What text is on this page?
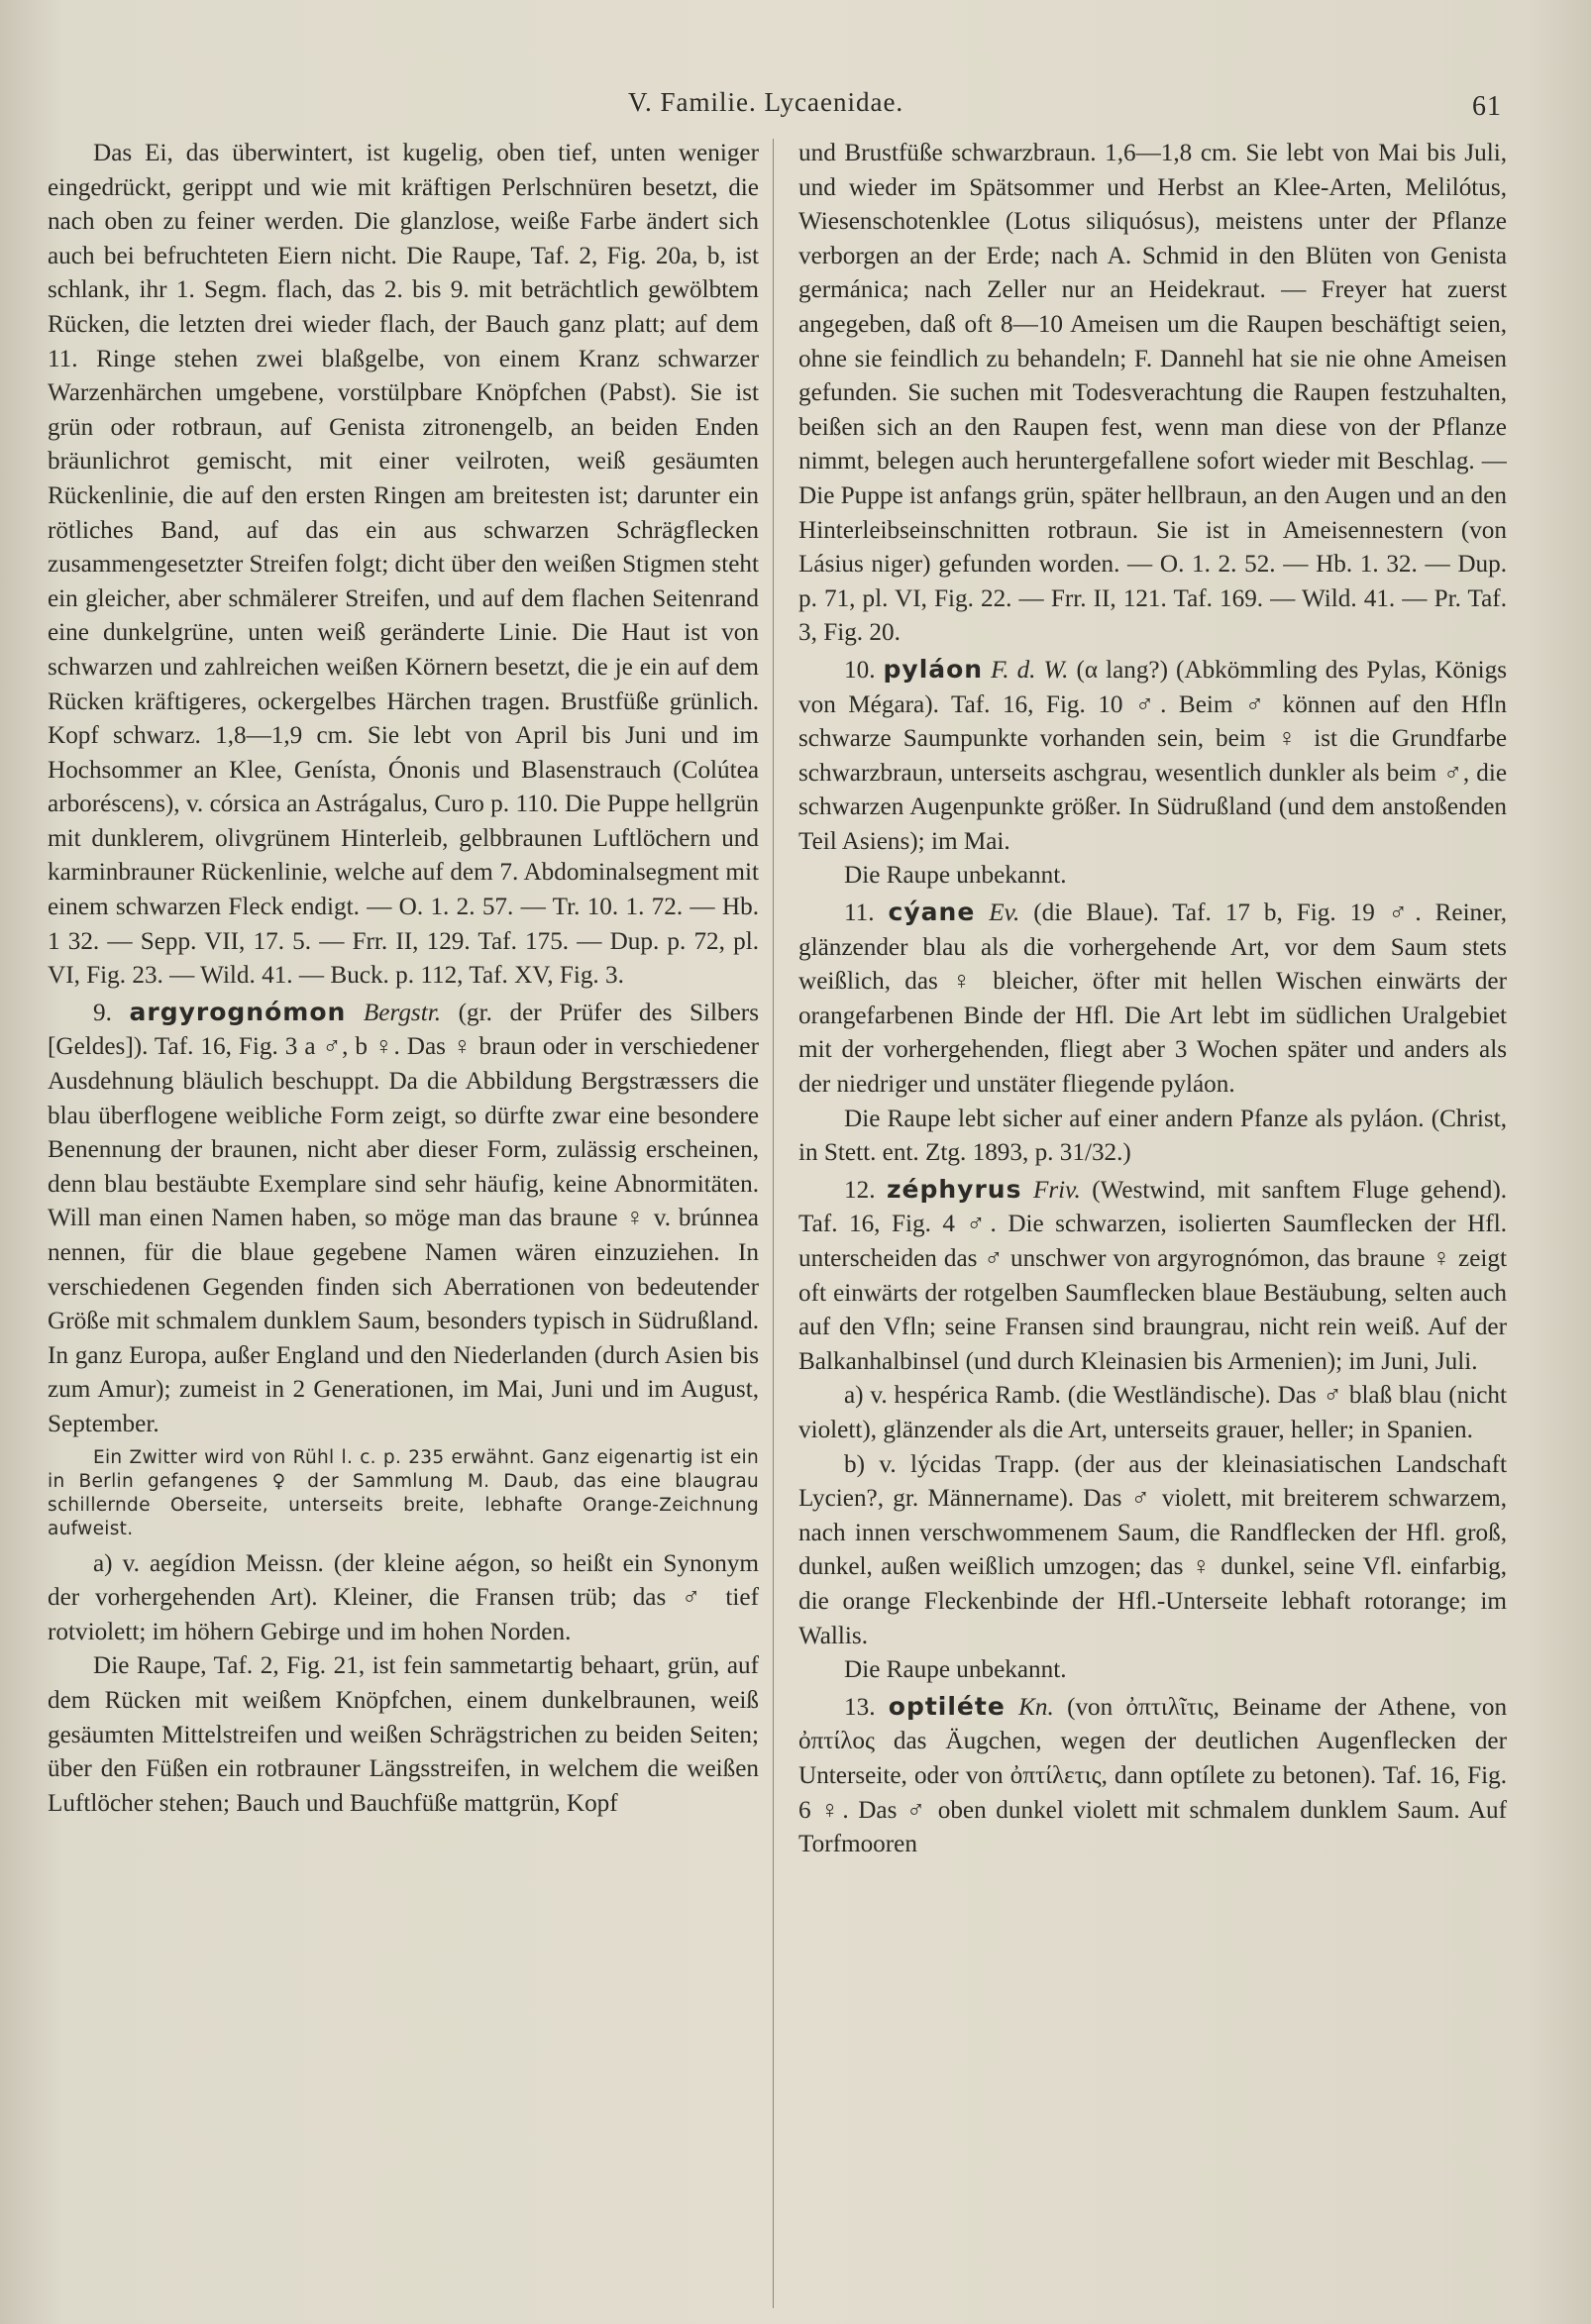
V. Familie. Lycaenidae.	61

Das Ei, das überwintert, ist kugelig, oben tief, unten weniger eingedrückt, gerippt und wie mit kräftigen Perlschnüren besetzt, die nach oben zu feiner werden. Die glanzlose, weiße Farbe ändert sich auch bei befruchteten Eiern nicht. Die Raupe, Taf. 2, Fig. 20a, b, ist schlank, ihr 1. Segm. flach, das 2. bis 9. mit beträchtlich gewölbtem Rücken, die letzten drei wieder flach, der Bauch ganz platt; auf dem 11. Ringe stehen zwei blaßgelbe, von einem Kranz schwarzer Warzenhärchen umgebene, vorstülpbare Knöpfchen (Pabst). Sie ist grün oder rotbraun, auf Genista zitronengelb, an beiden Enden bräunlichrot gemischt, mit einer veilroten, weiß gesäumten Rückenlinie, die auf den ersten Ringen am breitesten ist; darunter ein rötliches Band, auf das ein aus schwarzen Schrägflecken zusammengesetzter Streifen folgt; dicht über den weißen Stigmen steht ein gleicher, aber schmälerer Streifen, und auf dem flachen Seitenrand eine dunkelgrüne, unten weiß geränderte Linie. Die Haut ist von schwarzen und zahlreichen weißen Körnern besetzt, die je ein auf dem Rücken kräftigeres, ockergelbes Härchen tragen. Brustfüße grünlich. Kopf schwarz. 1,8—1,9 cm. Sie lebt von April bis Juni und im Hochsommer an Klee, Genísta, Ónonis und Blasenstrauch (Colútea arboréscens), v. córsica an Astrágalus, Curo p. 110. Die Puppe hellgrün mit dunklerem, olivgrünem Hinterleib, gelbbraunen Luftlöchern und karminbrauner Rückenlinie, welche auf dem 7. Abdominalsegment mit einem schwarzen Fleck endigt. — O. 1. 2. 57. — Tr. 10. 1. 72. — Hb. 1 32. — Sepp. VII, 17. 5. — Frr. II, 129. Taf. 175. — Dup. p. 72, pl. VI, Fig. 23. — Wild. 41. — Buck. p. 112, Taf. XV, Fig. 3.

9. argyrognómon Bergstr. (gr. der Prüfer des Silbers [Geldes]). Taf. 16, Fig. 3 a ♂, b ♀. Das ♀ braun oder in verschiedener Ausdehnung bläulich beschuppt. Da die Abbildung Bergstræssers die blau überflogene weibliche Form zeigt, so dürfte zwar eine besondere Benennung der braunen, nicht aber dieser Form, zulässig erscheinen, denn blau bestäubte Exemplare sind sehr häufig, keine Abnormitäten. Will man einen Namen haben, so möge man das braune ♀ v. brúnnea nennen, für die blaue gegebene Namen wären einzuziehen. In verschiedenen Gegenden finden sich Aberrationen von bedeutender Größe mit schmalem dunklem Saum, besonders typisch in Südrußland. In ganz Europa, außer England und den Niederlanden (durch Asien bis zum Amur); zumeist in 2 Generationen, im Mai, Juni und im August, September.

Ein Zwitter wird von Rühl l. c. p. 235 erwähnt. Ganz eigenartig ist ein in Berlin gefangenes ♀ der Sammlung M. Daub, das eine blaugrau schillernde Oberseite, unterseits breite, lebhafte Orange-Zeichnung aufweist.

a) v. aegídion Meissn. (der kleine aégon, so heißt ein Synonym der vorhergehenden Art). Kleiner, die Fransen trüb; das ♂ tief rotviolett; im höhern Gebirge und im hohen Norden.

Die Raupe, Taf. 2, Fig. 21, ist fein sammetartig behaart, grün, auf dem Rücken mit weißem Knöpfchen, einem dunkelbraunen, weiß gesäumten Mittelstreifen und weißen Schrägstrichen zu beiden Seiten; über den Füßen ein rotbrauner Längsstreifen, in welchem die weißen Luftlöcher stehen; Bauch und Bauchfüße mattgrün, Kopf

und Brustfüße schwarzbraun. 1,6—1,8 cm. Sie lebt von Mai bis Juli, und wieder im Spätsommer und Herbst an Klee-Arten, Melilótus, Wiesenschotenklee (Lotus siliquósus), meistens unter der Pflanze verborgen an der Erde; nach A. Schmid in den Blüten von Genista germánica; nach Zeller nur an Heidekraut. — Freyer hat zuerst angegeben, daß oft 8—10 Ameisen um die Raupen beschäftigt seien, ohne sie feindlich zu behandeln; F. Dannehl hat sie nie ohne Ameisen gefunden. Sie suchen mit Todesverachtung die Raupen festzuhalten, beißen sich an den Raupen fest, wenn man diese von der Pflanze nimmt, belegen auch heruntergefallene sofort wieder mit Beschlag. — Die Puppe ist anfangs grün, später hellbraun, an den Augen und an den Hinterleibseinschnitten rotbraun. Sie ist in Ameisennestern (von Lásius niger) gefunden worden. — O. 1. 2. 52. — Hb. 1. 32. — Dup. p. 71, pl. VI, Fig. 22. — Frr. II, 121. Taf. 169. — Wild. 41. — Pr. Taf. 3, Fig. 20.

10. pyláon F. d. W. (α lang?) (Abkömmling des Pylas, Königs von Mégara). Taf. 16, Fig. 10 ♂. Beim ♂ können auf den Hfln schwarze Saumpunkte vorhanden sein, beim ♀ ist die Grundfarbe schwarzbraun, unterseits aschgrau, wesentlich dunkler als beim ♂, die schwarzen Augenpunkte größer. In Südrußland (und dem anstoßenden Teil Asiens); im Mai.

Die Raupe unbekannt.

11. cýane Ev. (die Blaue). Taf. 17 b, Fig. 19 ♂. Reiner, glänzender blau als die vorhergehende Art, vor dem Saum stets weißlich, das ♀ bleicher, öfter mit hellen Wischen einwärts der orangefarbenen Binde der Hfl. Die Art lebt im südlichen Uralgebiet mit der vorhergehenden, fliegt aber 3 Wochen später und anders als der niedriger und unstäter fliegende pyláon.

Die Raupe lebt sicher auf einer andern Pfanze als pyláon. (Christ, in Stett. ent. Ztg. 1893, p. 31/32.)

12. zéphyrus Friv. (Westwind, mit sanftem Fluge gehend). Taf. 16, Fig. 4 ♂. Die schwarzen, isolierten Saumflecken der Hfl. unterscheiden das ♂ unschwer von argyrognómon, das braune ♀ zeigt oft einwärts der rotgelben Saumflecken blaue Bestäubung, selten auch auf den Vfln; seine Fransen sind braungrau, nicht rein weiß. Auf der Balkanhalbinsel (und durch Kleinasien bis Armenien); im Juni, Juli.

a) v. hespérica Ramb. (die Westländische). Das ♂ blaß blau (nicht violett), glänzender als die Art, unterseits grauer, heller; in Spanien.

b) v. lýcidas Trapp. (der aus der kleinasiatischen Landschaft Lycien?, gr. Männername). Das ♂ violett, mit breiterem schwarzem, nach innen verschwommenem Saum, die Randflecken der Hfl. groß, dunkel, außen weißlich umzogen; das ♀ dunkel, seine Vfl. einfarbig, die orange Fleckenbinde der Hfl.-Unterseite lebhaft rotorange; im Wallis.

Die Raupe unbekannt.

13. optiléte Kn. (von ὀπτιλῖτις, Beiname der Athene, von ὀπτίλος das Äugchen, wegen der deutlichen Augenflecken der Unterseite, oder von ὀπτίλετις, dann optílete zu betonen). Taf. 16, Fig. 6 ♀. Das ♂ oben dunkel violett mit schmalem dunklem Saum. Auf Torfmooren
